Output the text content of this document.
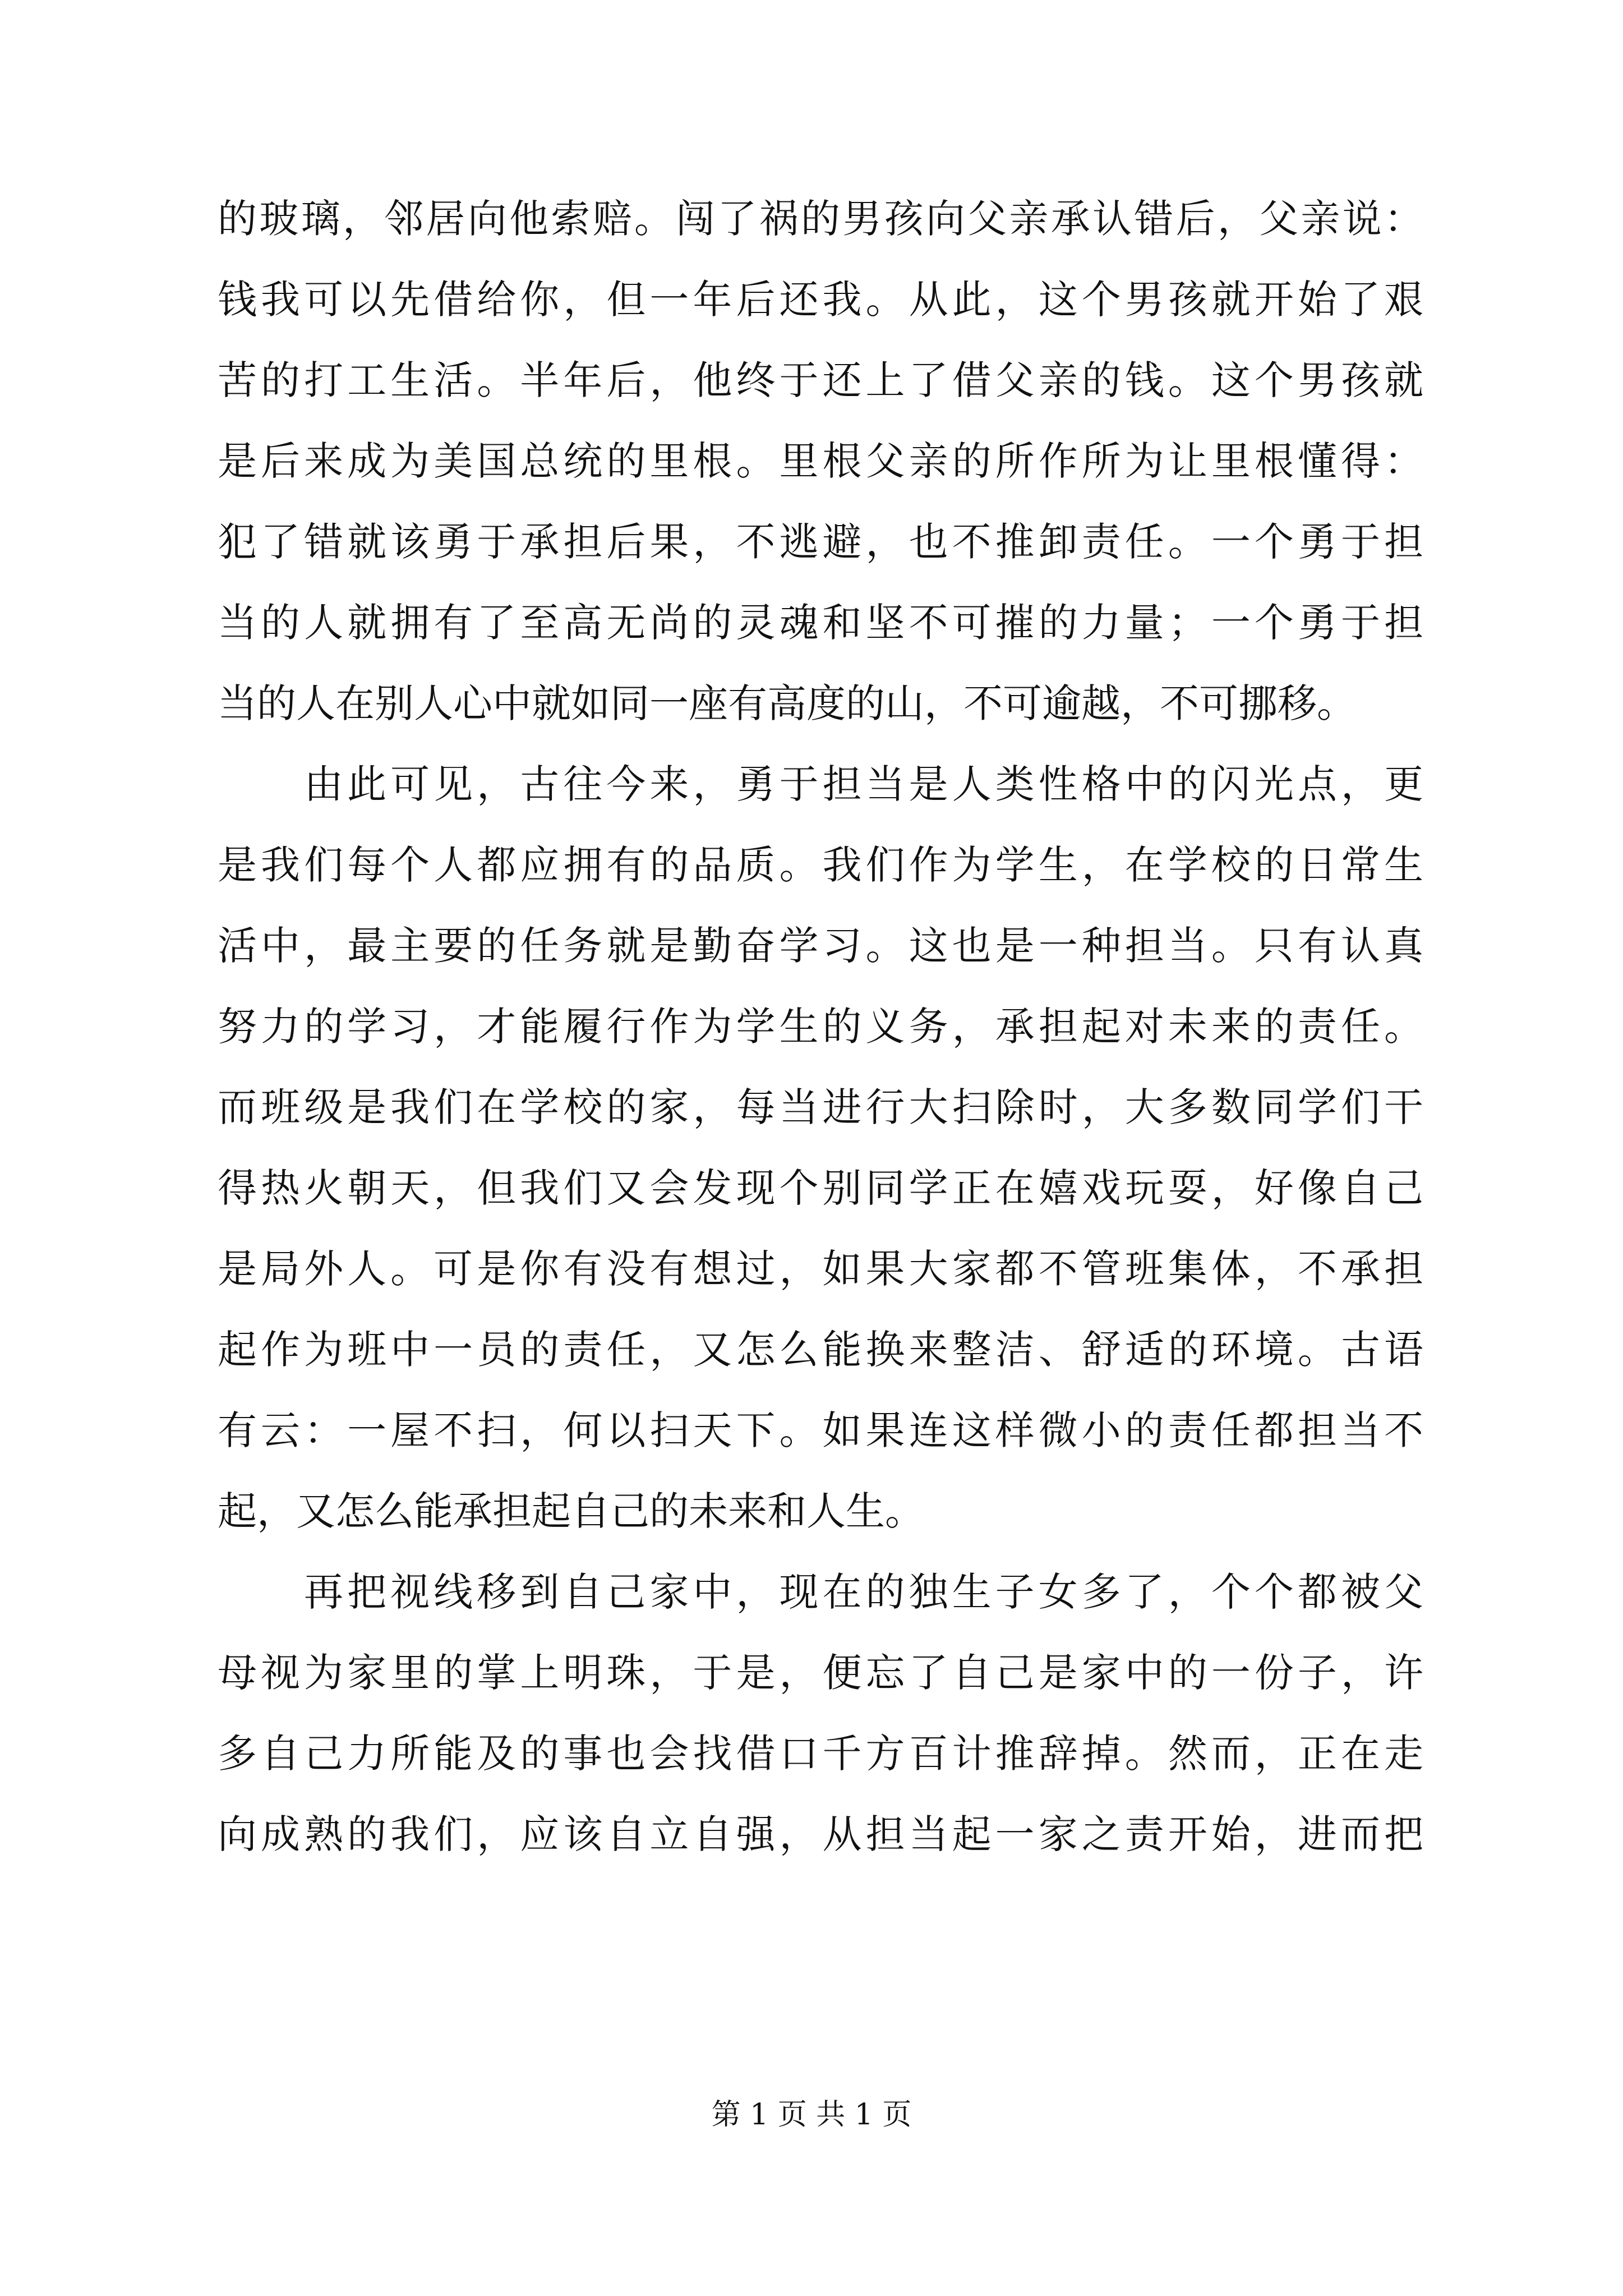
的玻璃，邻居向他索赔。闯了祸的男孩向父亲承认错后，父亲说：
钱我可以先借给你，但一年后还我。从此，这个男孩就开始了艰
苦的打工生活。半年后，他终于还上了借父亲的钱。这个男孩就
是后来成为美国总统的里根。里根父亲的所作所为让里根懂得：
犯了错就该勇于承担后果，不逃避，也不推卸责任。一个勇于担
当的人就拥有了至高无尚的灵魂和坚不可摧的力量；一个勇于担
当的人在别人心中就如同一座有高度的山，不可逾越，不可挪移。
由此可见，古往今来，勇于担当是人类性格中的闪光点，更
是我们每个人都应拥有的品质。我们作为学生，在学校的日常生
活中，最主要的任务就是勤奋学习。这也是一种担当。只有认真
努力的学习，才能履行作为学生的义务，承担起对未来的责任。
而班级是我们在学校的家，每当进行大扫除时，大多数同学们干
得热火朝天，但我们又会发现个别同学正在嬉戏玩耍，好像自己
是局外人。可是你有没有想过，如果大家都不管班集体，不承担
起作为班中一员的责任，又怎么能换来整洁、舒适的环境。古语
有云：一屋不扫，何以扫天下。如果连这样微小的责任都担当不
起，又怎么能承担起自己的未来和人生。
再把视线移到自己家中，现在的独生子女多了，个个都被父
母视为家里的掌上明珠，于是，便忘了自己是家中的一份子，许
多自己力所能及的事也会找借口千方百计推辞掉。然而，正在走
向成熟的我们，应该自立自强，从担当起一家之责开始，进而把
第 1 页 共 1 页
